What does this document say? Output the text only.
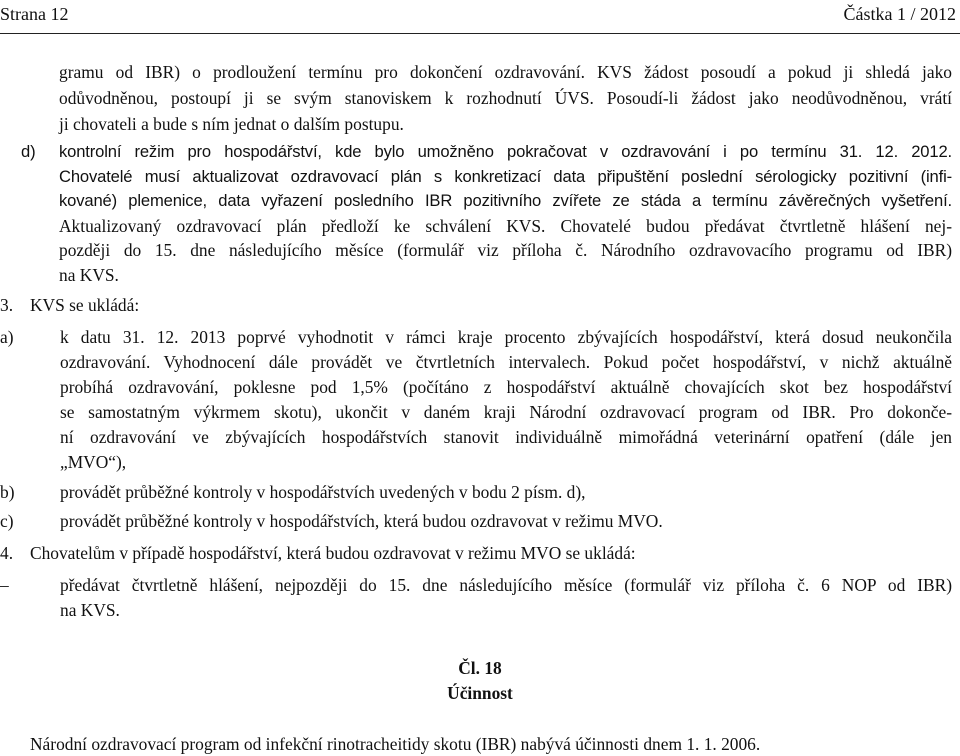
Strana 12	Částka 1 / 2012
gramu od IBR) o prodloužení termínu pro dokončení ozdravování. KVS žádost posoudí a pokud ji shledá jako
odůvodněnou, postoupí ji se svým stanoviskem k rozhodnutí ÚVS. Posoudí-li žádost jako neodůvodněnou, vrátí
ji chovateli a bude s ním jednat o dalším postupu.
d) kontrolní režim pro hospodářství, kde bylo umožněno pokračovat v ozdravování i po termínu 31. 12. 2012.
Chovatelé musí aktualizovat ozdravovací plán s konkretizací data připuštění poslední sérologicky pozitivní (infi-
kované) plemenice, data vyřazení posledního IBR pozitivního zvířete ze stáda a termínu závěrečných vyšetření.
Aktualizovaný ozdravovací plán předloží ke schválení KVS. Chovatelé budou předávat čtvrtletně hlášení nej-
později do 15. dne následujícího měsíce (formulář viz příloha č. Národního ozdravovacího programu od IBR)
na KVS.
3. KVS se ukládá:
a)	k datu 31. 12. 2013 poprvé vyhodnotit v rámci kraje procento zbývajících hospodářství, která dosud neukončila
ozdravování. Vyhodnocení dále provádět ve čtvrtletních intervalech. Pokud počet hospodářství, v nichž aktuálně
probíhá ozdravování, poklesne pod 1,5% (počítáno z hospodářství aktuálně chovajících skot bez hospodářství
se samostatným výkrmem skotu), ukončit v daném kraji Národní ozdravovací program od IBR. Pro dokonče-
ní ozdravování ve zbývajících hospodářstvích stanovit individuálně mimořádná veterinární opatření (dále jen
„MVO“),
b)	provádět průběžné kontroly v hospodářstvích uvedených v bodu 2 písm. d),
c)	provádět průběžné kontroly v hospodářstvích, která budou ozdravovat v režimu MVO.
4. Chovatelům v případě hospodářství, která budou ozdravovat v režimu MVO se ukládá:
–	předávat čtvrtletně hlášení, nejpozději do 15. dne následujícího měsíce (formulář viz příloha č. 6 NOP od IBR)
na KVS.
Čl. 18
Účinnost
Národní ozdravovací program od infekční rinotracheitidy skotu (IBR) nabývá účinnosti dnem 1. 1. 2006.
